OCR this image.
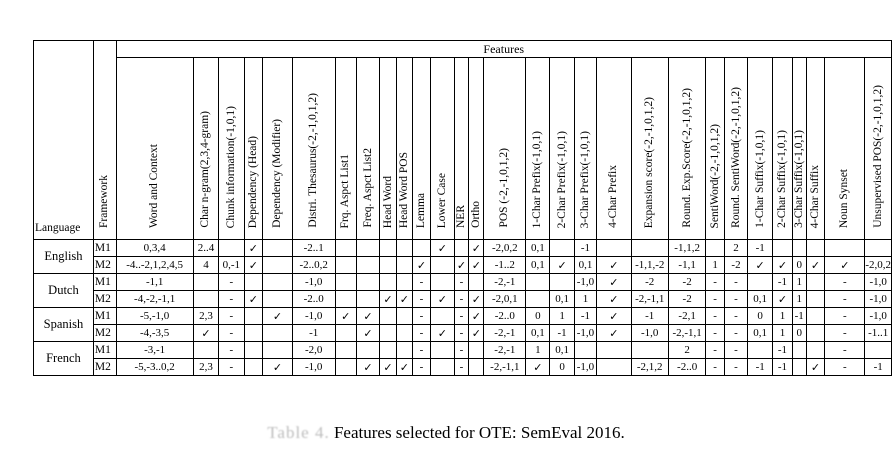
Language	Framework	Features																												
		Word and Context	Char n-gram(2,3,4-gram)	Chunk information(-1,0,1)	Dependency (Head)	Dependency (Modifier)	Distri. Thesaurus(-2,-1,0,1,2)	Frq. Aspct List1	Freq. Aspct List2	Head Word	Head Word POS	Lemma	Lower Case	NER	Ortho	POS (-2,-1,0,1,2)	1-Char Prefix(-1,0,1)	2-Char Prefix(-1,0,1)	3-Char Prefix(-1,0,1)	4-Char Prefix	Expansion score(-2,-1,0,1,2)	Round. Exp.Score(-2,-1,0,1,2)	SentiWord(-2,-1,0,1,2)	Round. SentiWord(-2,-1,0,1,2)	1-Char Suffix(-1,0,1)	2-Char Suffix(-1,0,1)	3-Char Suffix(-1,0,1)	4-Char Suffix	Noun Synset	Unsupervised POS(-2,-1,0,1,2)
English	M1	0,3,4	2..4		✓		-2..1						✓		✓	-2,0,2	0,1		-1			-1,1,2		2	-1					
	M2	-4..-2,1,2,4,5	4	0,-1	✓		-2..0,2					✓		✓	✓	-1..2	0,1	✓	0,1	✓	-1,1,-2	-1,1	1	-2	✓	✓	0	✓	✓	-2,0,2
Dutch	M1	-1,1		-			-1,0					-		-		-2,-1			-1,0	✓	-2	-2	-	-		-1	1		-	-1,0
	M2	-4,-2,-1,1		-	✓		-2..0			✓	✓	-	✓	-	✓	-2,0,1		0,1	1	✓	-2,-1,1	-2	-	-	0,1	✓	1		-	-1,0
Spanish	M1	-5,-1,0	2,3	-		✓	-1,0	✓	✓			-		-	✓	-2..0	0	1	-1	✓	-1	-2,1	-	-	0	1	-1		-	-1,0
	M2	-4,-3,5	✓	-			-1		✓			-	✓	-	✓	-2,-1	0,1	-1	-1,0	✓	-1,0	-2,-1,1	-	-	0,1	1	0		-	-1..1
French	M1	-3,-1		-			-2,0					-		-		-2,-1	1	0,1				2	-	-		-1			-	
	M2	-5,-3..0,2	2,3	-		✓	-1,0		✓	✓	✓	-		-		-2,-1,1	✓	0	-1,0		-2,1,2	-2..0	-	-	-1	-1		✓	-	-1
Table 4. Features selected for OTE: SemEval 2016.
